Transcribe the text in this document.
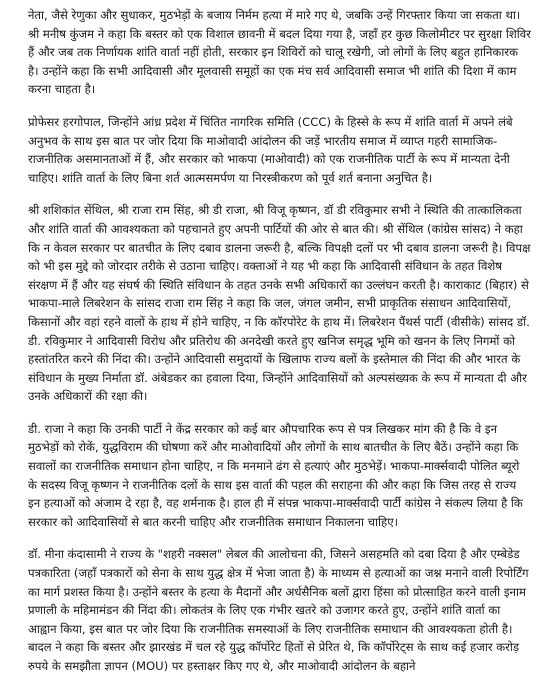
नेता, जैसे रेणुका और सुधाकर, मुठभेड़ों के बजाय निर्मम हत्या में मारे गए थे, जबकि उन्हें गिरफ्तार किया जा सकता था। श्री मनीष कुंजम ने कहा कि बस्तर को एक विशाल छावनी में बदल दिया गया है, जहाँ हर कुछ किलोमीटर पर सुरक्षा शिविर हैं और जब तक निर्णायक शांति वार्ता नहीं होती, सरकार इन शिविरों को चालू रखेगी, जो लोगों के लिए बहुत हानिकारक है। उन्होंने कहा कि सभी आदिवासी और मूलवासी समूहों का एक मंच सर्व आदिवासी समाज भी शांति की दिशा में काम करना चाहता है।

प्रोफेसर हरगोपाल, जिन्होंने आंध्र प्रदेश में चिंतित नागरिक समिति (CCC) के हिस्से के रूप में शांति वार्ता में अपने लंबे अनुभव के साथ इस बात पर जोर दिया कि माओवादी आंदोलन की जड़ें भारतीय समाज में व्याप्त गहरी सामाजिक-राजनीतिक असमानताओं में हैं, और सरकार को भाकपा (माओवादी) को एक राजनीतिक पार्टी के रूप में मान्यता देनी चाहिए। शांति वार्ता के लिए बिना शर्त आत्मसमर्पण या निरस्त्रीकरण को पूर्व शर्त बनाना अनुचित है।

श्री शशिकांत सेंथिल, श्री राजा राम सिंह, श्री डी राजा, श्री विजू कृष्णन, डॉ डी रविकुमार सभी ने स्थिति की तात्कालिकता और शांति वार्ता की आवश्यकता को पहचानते हुए अपनी पार्टियों की ओर से बात की। श्री सेंथिल (कांग्रेस सांसद) ने कहा कि न केवल सरकार पर बातचीत के लिए दबाव डालना जरूरी है, बल्कि विपक्षी दलों पर भी दबाव डालना जरूरी है। विपक्ष को भी इस मुद्दे को जोरदार तरीके से उठाना चाहिए। वक्ताओं ने यह भी कहा कि आदिवासी संविधान के तहत विशेष संरक्षण में हैं और यह संघर्ष की स्थिति संविधान के तहत उनके सभी अधिकारों का उल्लंघन करती है। काराकाट (बिहार) से भाकपा-माले लिबरेशन के सांसद राजा राम सिंह ने कहा कि जल, जंगल जमीन, सभी प्राकृतिक संसाधन आदिवासियों, किसानों और वहां रहने वालों के हाथ में होने चाहिए, न कि कॉरपोरेट के हाथ में। लिबरेशन पैंथर्स पार्टी (वीसीके) सांसद डॉ. डी. रविकुमार ने आदिवासी विरोध और प्रतिरोध की अनदेखी करते हुए खनिज समृद्ध भूमि को खनन के लिए निगमों को हस्तांतरित करने की निंदा की। उन्होंने आदिवासी समुदायों के खिलाफ राज्य बलों के इस्तेमाल की निंदा की और भारत के संविधान के मुख्य निर्माता डॉ. अंबेडकर का हवाला दिया, जिन्होंने आदिवासियों को अल्पसंख्यक के रूप में मान्यता दी और उनके अधिकारों की रक्षा की।

डी. राजा ने कहा कि उनकी पार्टी ने केंद्र सरकार को कई बार औपचारिक रूप से पत्र लिखकर मांग की है कि वे इन मुठभेड़ों को रोकें, युद्धविराम की घोषणा करें और माओवादियों और लोगों के साथ बातचीत के लिए बैठें। उन्होंने कहा कि सवालों का राजनीतिक समाधान होना चाहिए, न कि मनमाने ढंग से हत्याएं और मुठभेड़ें। भाकपा-मार्क्सवादी पोलित ब्यूरो के सदस्य विजू कृष्णन ने राजनीतिक दलों के साथ इस वार्ता की पहल की सराहना की और कहा कि जिस तरह से राज्य इन हत्याओं को अंजाम दे रहा है, वह शर्मनाक है। हाल ही में संपन्न भाकपा-मार्क्सवादी पार्टी कांग्रेस ने संकल्प लिया है कि सरकार को आदिवासियों से बात करनी चाहिए और राजनीतिक समाधान निकालना चाहिए।

डॉ. मीना कंदासामी ने राज्य के "शहरी नक्सल" लेबल की आलोचना की, जिसने असहमति को दबा दिया है और एम्बेडेड पत्रकारिता (जहाँ पत्रकारों को सेना के साथ युद्ध क्षेत्र में भेजा जाता है) के माध्यम से हत्याओं का जश्न मनाने वाली रिपोर्टिंग का मार्ग प्रशस्त किया है। उन्होंने बस्तर के हत्या के मैदानों और अर्धसैनिक बलों द्वारा हिंसा को प्रोत्साहित करने वाली इनाम प्रणाली के महिमामंडन की निंदा की। लोकतंत्र के लिए एक गंभीर खतरे को उजागर करते हुए, उन्होंने शांति वार्ता का आह्वान किया, इस बात पर जोर दिया कि राजनीतिक समस्याओं के लिए राजनीतिक समाधान की आवश्यकता होती है। बादल ने कहा कि बस्तर और झारखंड में चल रहे युद्ध कॉर्पोरेट हितों से प्रेरित थे, कि कॉर्पोरेट्स के साथ कई हजार करोड़ रुपये के समझौता ज्ञापन (MOU) पर हस्ताक्षर किए गए थे, और माओवादी आंदोलन के बहाने
